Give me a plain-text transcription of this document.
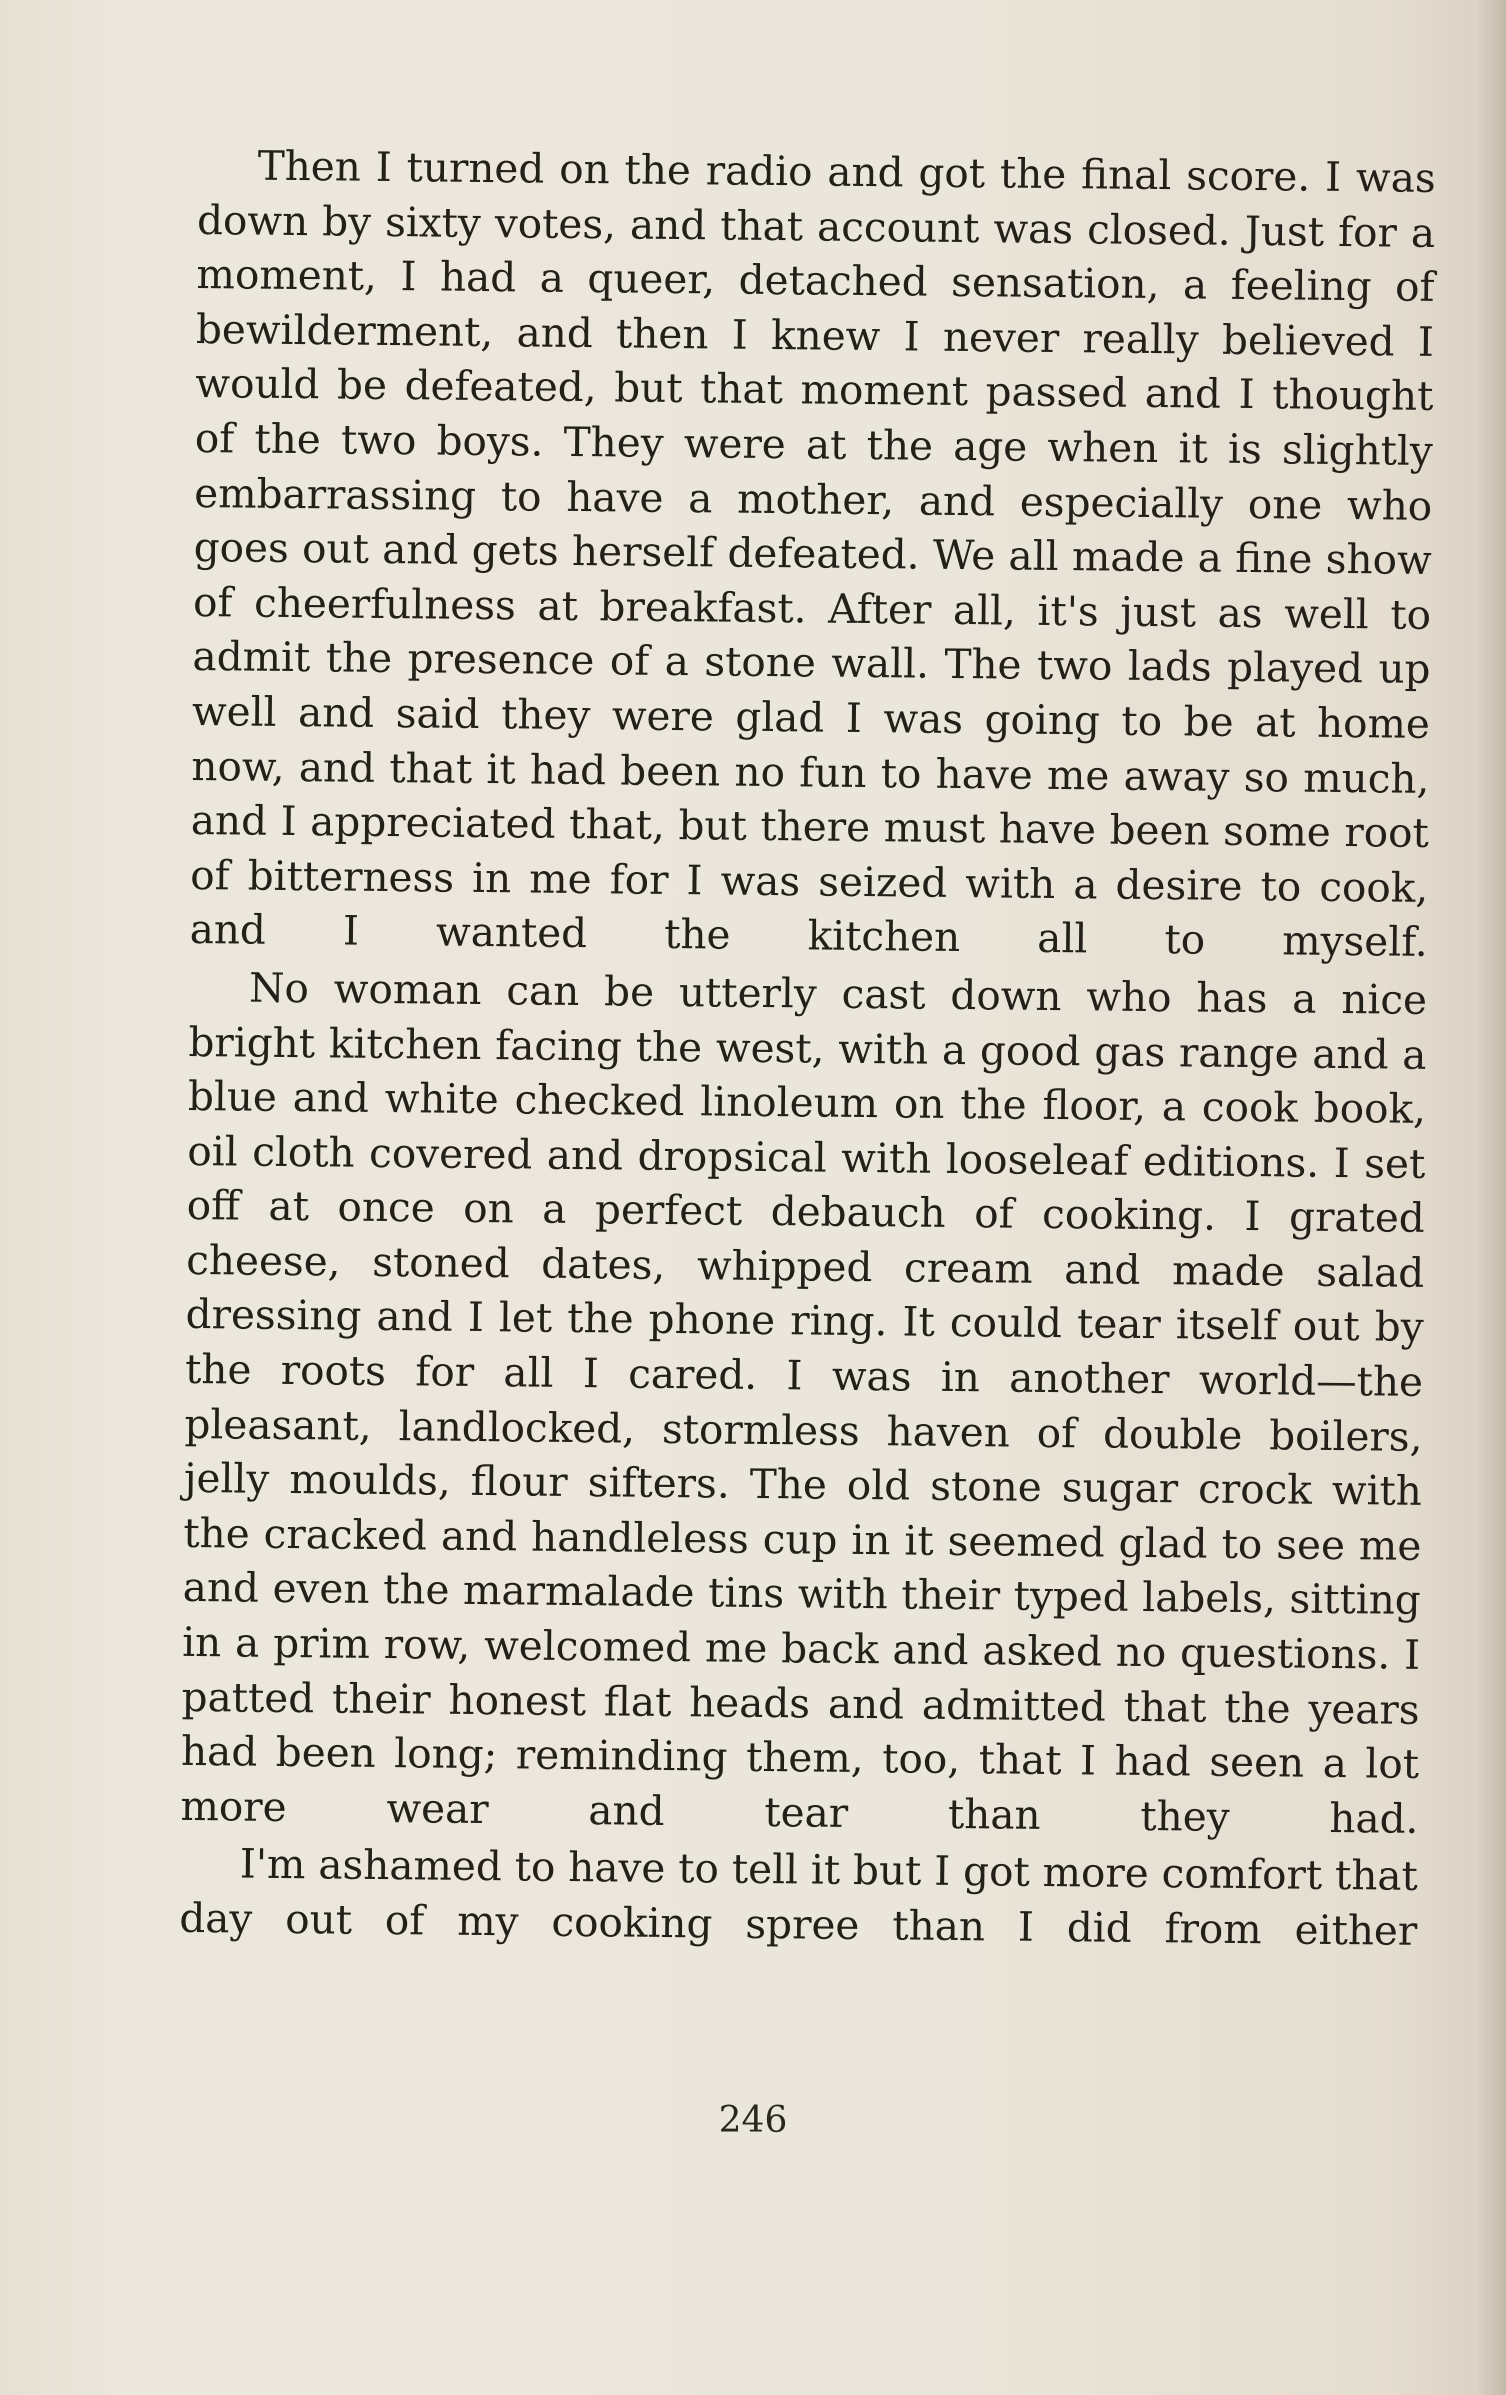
Then I turned on the radio and got the final score. I was down by sixty votes, and that account was closed. Just for a moment, I had a queer, detached sensation, a feeling of bewilderment, and then I knew I never really believed I would be defeated, but that moment passed and I thought of the two boys. They were at the age when it is slightly embarrassing to have a mother, and especially one who goes out and gets herself defeated. We all made a fine show of cheerfulness at breakfast. After all, it's just as well to admit the presence of a stone wall. The two lads played up well and said they were glad I was going to be at home now, and that it had been no fun to have me away so much, and I appreciated that, but there must have been some root of bitterness in me for I was seized with a desire to cook, and I wanted the kitchen all to myself.

No woman can be utterly cast down who has a nice bright kitchen facing the west, with a good gas range and a blue and white checked linoleum on the floor, a cook book, oil cloth covered and dropsical with looseleaf editions. I set off at once on a perfect debauch of cooking. I grated cheese, stoned dates, whipped cream and made salad dressing and I let the phone ring. It could tear itself out by the roots for all I cared. I was in another world—the pleasant, landlocked, stormless haven of double boilers, jelly moulds, flour sifters. The old stone sugar crock with the cracked and handleless cup in it seemed glad to see me and even the marmalade tins with their typed labels, sitting in a prim row, welcomed me back and asked no questions. I patted their honest flat heads and admitted that the years had been long; reminding them, too, that I had seen a lot more wear and tear than they had.

I'm ashamed to have to tell it but I got more comfort that day out of my cooking spree than I did from either

246
